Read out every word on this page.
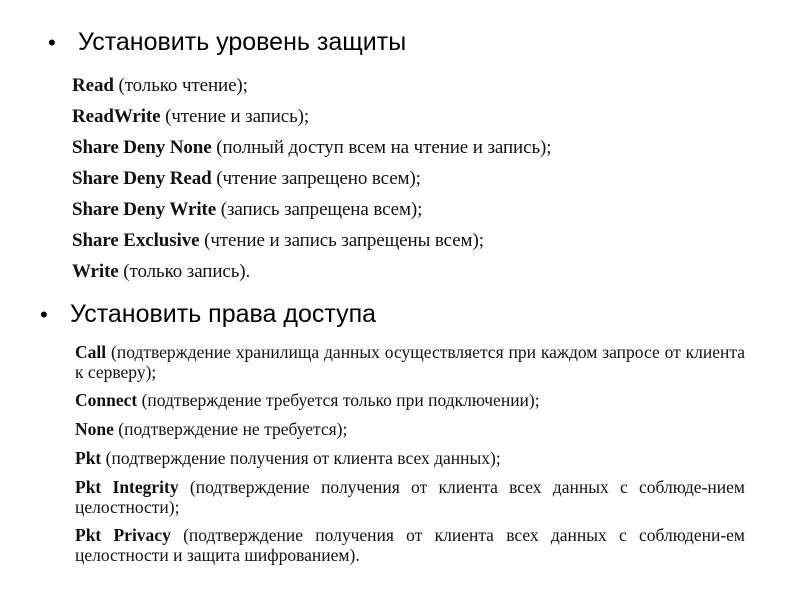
• Установить уровень защиты
Read (только чтение);
ReadWrite (чтение и запись);
Share Deny None (полный доступ всем на чтение и запись);
Share Deny Read (чтение запрещено всем);
Share Deny Write (запись запрещена всем);
Share Exclusive (чтение и запись запрещены всем);
Write (только запись).
• Установить права доступа
Call (подтверждение хранилища данных осуществляется при каждом запросе от клиента к серверу);
Connect (подтверждение требуется только при подключении);
None (подтверждение не требуется);
Pkt (подтверждение получения от клиента всех данных);
Pkt Integrity (подтверждение получения от клиента всех данных с соблюде-нием целостности);
Pkt Privacy (подтверждение получения от клиента всех данных с соблюдени-ем целостности и защита шифрованием).
